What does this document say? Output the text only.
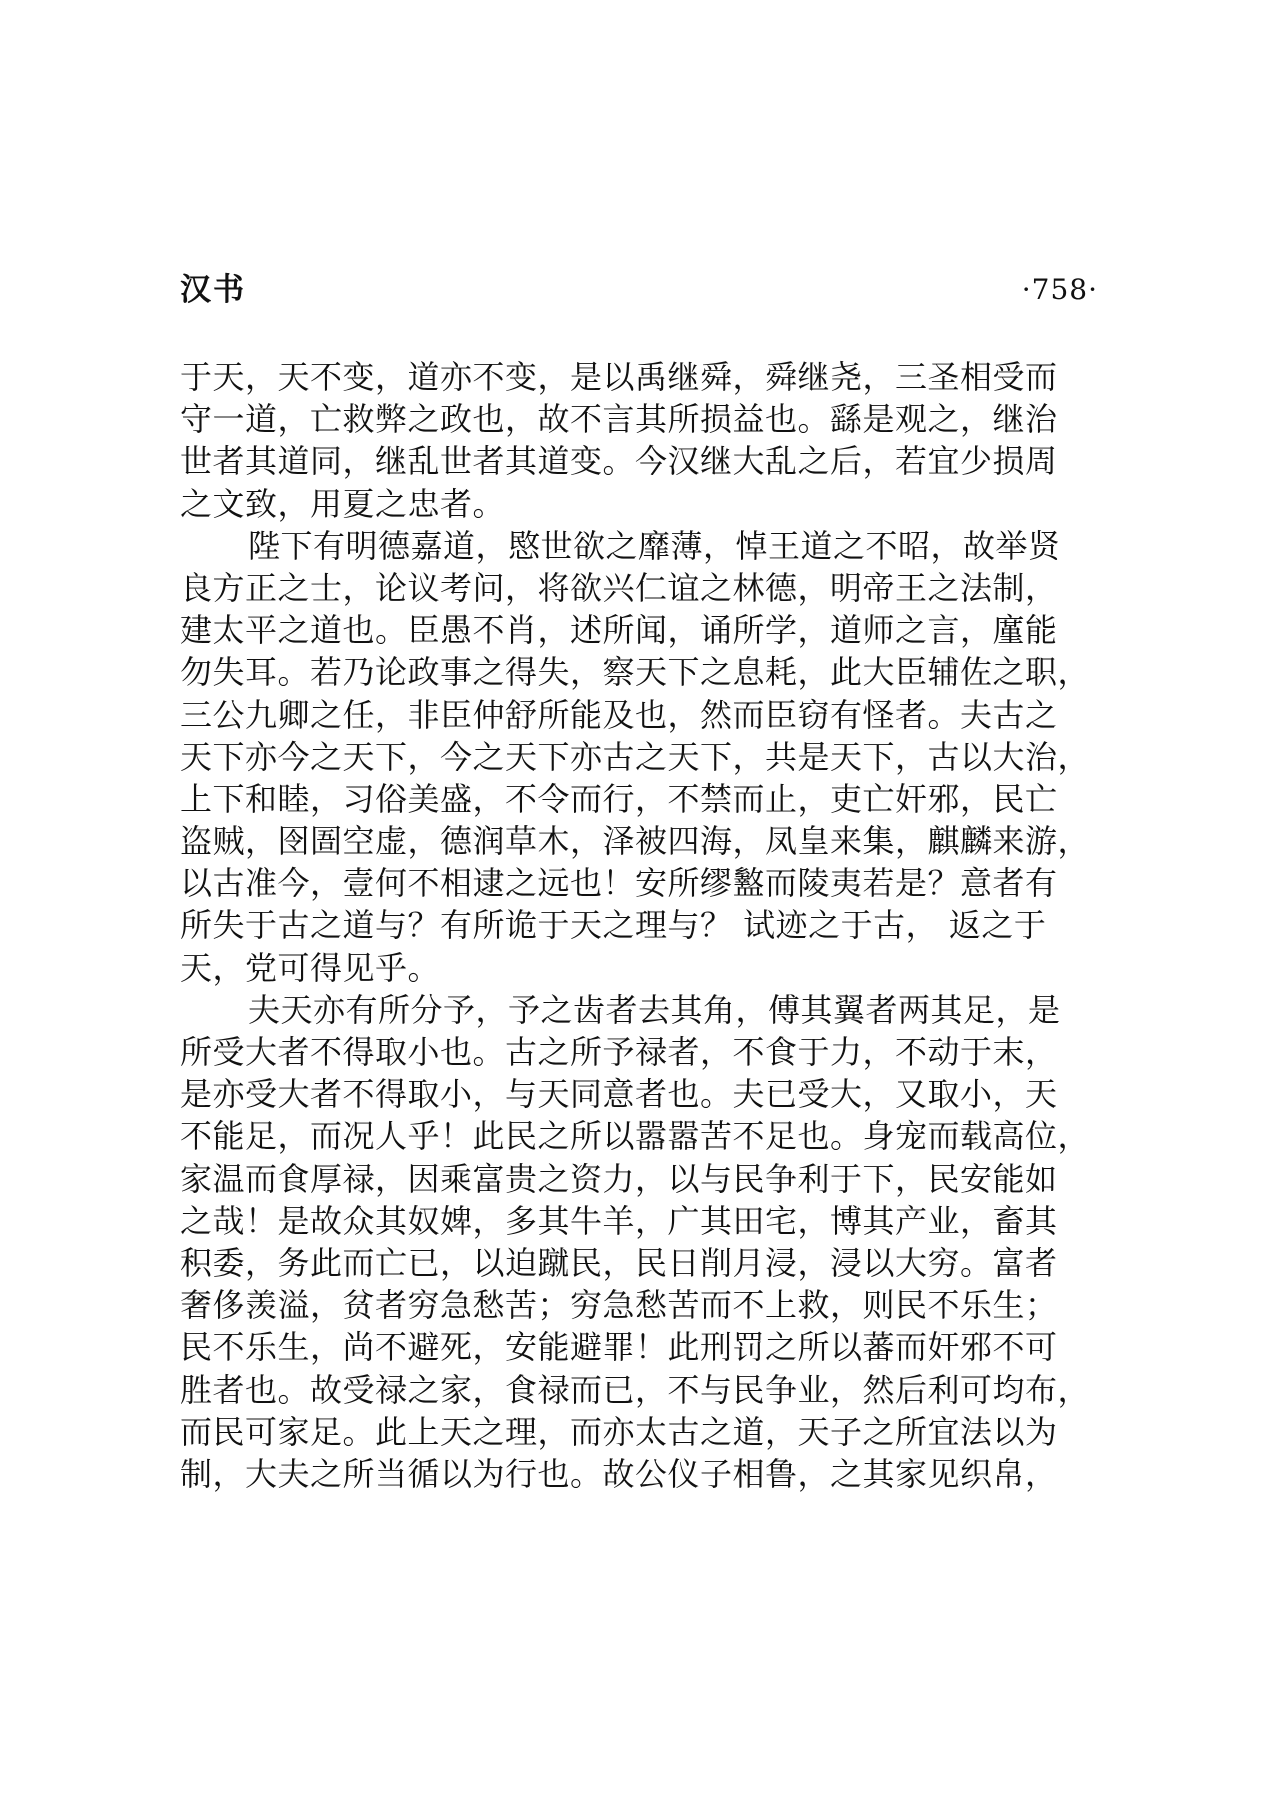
汉书	·758·
于天，天不变，道亦不变，是以禹继舜，舜继尧，三圣相受而
守一道，亡救弊之政也，故不言其所损益也。繇是观之，继治
世者其道同，继乱世者其道变。今汉继大乱之后，若宜少损周
之文致，用夏之忠者。
陛下有明德嘉道，愍世欲之靡薄，悼王道之不昭，故举贤
良方正之士，论议考问，将欲兴仁谊之林德，明帝王之法制，
建太平之道也。臣愚不肖，述所闻，诵所学，道师之言，廑能
勿失耳。若乃论政事之得失，察天下之息耗，此大臣辅佐之职，
三公九卿之任，非臣仲舒所能及也，然而臣窃有怪者。夫古之
天下亦今之天下，今之天下亦古之天下，共是天下，古以大治，
上下和睦，习俗美盛，不令而行，不禁而止，吏亡奸邪，民亡
盗贼，囹圄空虚，德润草木，泽被四海，凤皇来集，麒麟来游，
以古准今，壹何不相逮之远也！安所缪盭而陵夷若是？意者有
所失于古之道与？有所诡于天之理与？ 试迹之于古， 返之于
天，党可得见乎。
夫天亦有所分予，予之齿者去其角，傅其翼者两其足，是
所受大者不得取小也。古之所予禄者，不食于力，不动于末，
是亦受大者不得取小，与天同意者也。夫已受大，又取小，天
不能足，而况人乎！此民之所以嚣嚣苦不足也。身宠而载高位，
家温而食厚禄，因乘富贵之资力，以与民争利于下，民安能如
之哉！是故众其奴婢，多其牛羊，广其田宅，博其产业，畜其
积委，务此而亡已，以迫蹴民，民日削月浸，浸以大穷。富者
奢侈羡溢，贫者穷急愁苦；穷急愁苦而不上救，则民不乐生；
民不乐生，尚不避死，安能避罪！此刑罚之所以蕃而奸邪不可
胜者也。故受禄之家，食禄而已，不与民争业，然后利可均布，
而民可家足。此上天之理，而亦太古之道，天子之所宜法以为
制，大夫之所当循以为行也。故公仪子相鲁，之其家见织帛，
